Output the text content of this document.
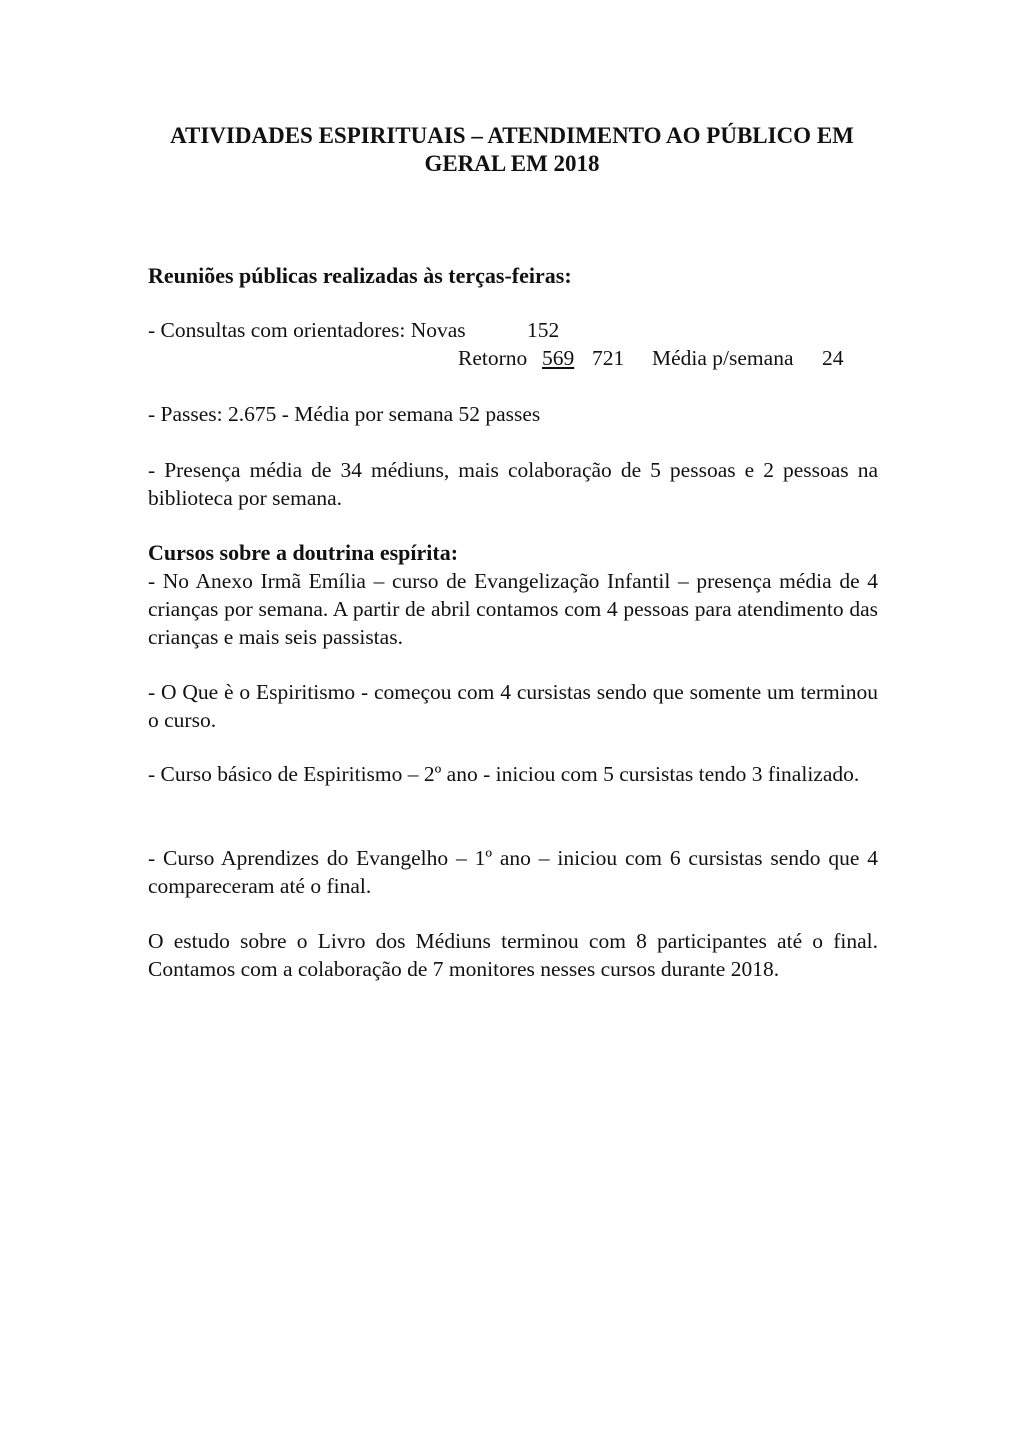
ATIVIDADES ESPIRITUAIS – ATENDIMENTO AO PÚBLICO EM

GERAL EM 2018

Reuniões públicas realizadas às terças-feiras:

- Consultas com orientadores: Novas	152

Retorno 569 721 Média p/semana 24

- Passes: 2.675 - Média por semana 52 passes

- Presença média de 34 médiuns, mais colaboração de 5 pessoas e 2 pessoas na biblioteca por semana.

Cursos sobre a doutrina espírita:

- No Anexo Irmã Emília – curso de Evangelização Infantil – presença média de 4 crianças por semana. A partir de abril contamos com 4 pessoas para atendimento das crianças e mais seis passistas.

- O Que è o Espiritismo - começou com 4 cursistas sendo que somente um terminou o curso.

- Curso básico de Espiritismo – 2º ano - iniciou com 5 cursistas tendo 3 finalizado.

- Curso Aprendizes do Evangelho – 1º ano – iniciou com 6 cursistas sendo que 4 compareceram até o final.

O estudo sobre o Livro dos Médiuns terminou com 8 participantes até o final. Contamos com a colaboração de 7 monitores nesses cursos durante 2018.
